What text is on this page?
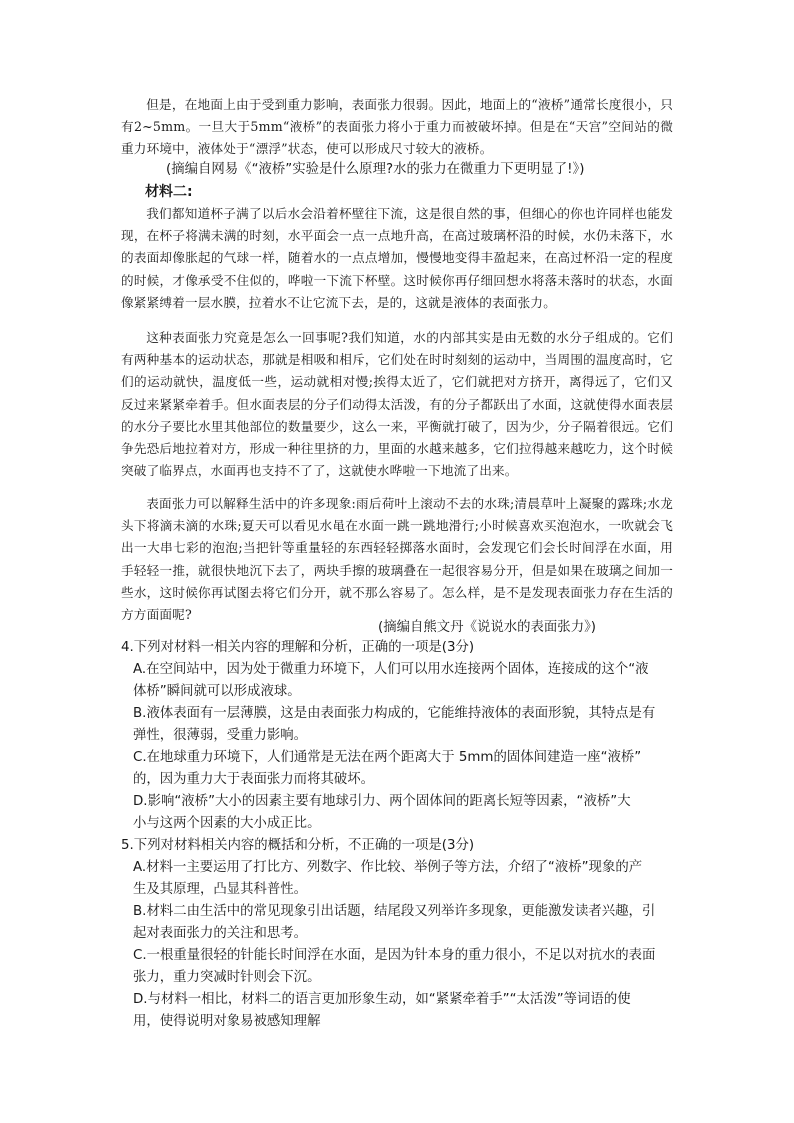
但是，在地面上由于受到重力影响，表面张力很弱。因此，地面上的“液桥”通常长度很小，只有2~5mm。一旦大于5mm“液桥”的表面张力将小于重力而被破坏掉。但是在“天宫”空间站的微重力环境中，液体处于“漂浮”状态，使可以形成尺寸较大的液桥。

(摘编自网易《“液桥”实验是什么原理?水的张力在微重力下更明显了!》)
材料二:

我们都知道杯子满了以后水会沿着杯壁往下流，这是很自然的事，但细心的你也许同样也能发现，在杯子将满未满的时刻，水平面会一点一点地升高，在高过玻璃杯沿的时候，水仍未落下，水的表面却像胀起的气球一样，随着水的一点点增加，慢慢地变得丰盈起来，在高过杯沿一定的程度的时候，才像承受不住似的，哗啦一下流下杯壁。这时候你再仔细回想水将落未落时的状态，水面像紧紧缚着一层水膜，拉着水不让它流下去，是的，这就是液体的表面张力。

这种表面张力究竟是怎么一回事呢?我们知道，水的内部其实是由无数的水分子组成的。它们有两种基本的运动状态，那就是相吸和相斥，它们处在时时刻刻的运动中，当周围的温度高时，它们的运动就快，温度低一些，运动就相对慢;挨得太近了，它们就把对方挤开，离得远了，它们又反过来紧紧牵着手。但水面表层的分子们动得太活泼，有的分子都跃出了水面，这就使得水面表层的水分子要比水里其他部位的数量要少，这么一来，平衡就打破了，因为少，分子隔着很远。它们争先恐后地拉着对方，形成一种往里挤的力，里面的水越来越多，它们拉得越来越吃力，这个时候突破了临界点，水面再也支持不了了，这就使水哗啦一下地流了出来。

表面张力可以解释生活中的许多现象:雨后荷叶上滚动不去的水珠;清晨草叶上凝聚的露珠;水龙头下将滴未滴的水珠;夏天可以看见水黾在水面一跳一跳地滑行;小时候喜欢买泡泡水，一吹就会飞出一大串七彩的泡泡;当把针等重量轻的东西轻轻掷落水面时，会发现它们会长时间浮在水面，用手轻轻一推，就很快地沉下去了，两块手擦的玻璃叠在一起很容易分开，但是如果在玻璃之间加一些水，这时候你再试图去将它们分开，就不那么容易了。怎么样，是不是发现表面张力存在生活的方方面面呢?

(摘编自熊文丹《说说水的表面张力》)
4.下列对材料一相关内容的理解和分析，正确的一项是(3分)
A.在空间站中，因为处于微重力环境下，人们可以用水连接两个固体，连接成的这个“液
体桥”瞬间就可以形成液球。
B.液体表面有一层薄膜，这是由表面张力构成的，它能维持液体的表面形貌，其特点是有
弹性，很薄弱，受重力影响。
C.在地球重力环境下，人们通常是无法在两个距离大于 5mm的固体间建造一座“液桥”
的，因为重力大于表面张力而将其破坏。
D.影响“液桥”大小的因素主要有地球引力、两个固体间的距离长短等因素，“液桥”大
小与这两个因素的大小成正比。
5.下列对材料相关内容的概括和分析，不正确的一项是(3分)
A.材料一主要运用了打比方、列数字、作比较、举例子等方法，介绍了“液桥”现象的产
生及其原理，凸显其科普性。
B.材料二由生活中的常见现象引出话题，结尾段又列举许多现象，更能激发读者兴趣，引
起对表面张力的关注和思考。
C.一根重量很轻的针能长时间浮在水面，是因为针本身的重力很小，不足以对抗水的表面
张力，重力突减时针则会下沉。
D.与材料一相比，材料二的语言更加形象生动，如“紧紧牵着手”“太活泼”等词语的使
用，使得说明对象易被感知理解
